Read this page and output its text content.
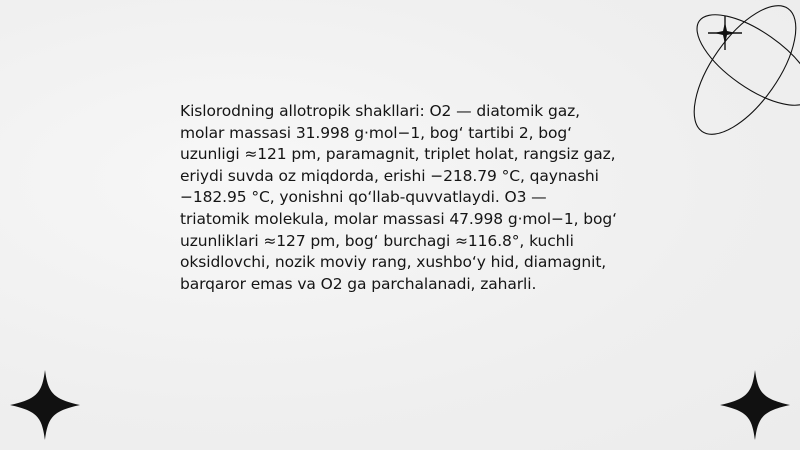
Kislorodning allotropik shakllari: O2 — diatomik gaz, molar massasi 31.998 g·mol−1, bog‘ tartibi 2, bog‘ uzunligi ≈121 pm, paramagnit, triplet holat, rangsiz gaz, eriydi suvda oz miqdorda, erishi −218.79 °C, qaynashi −182.95 °C, yonishni qo‘llab-quvvatlaydi. O3 — triatomik molekula, molar massasi 47.998 g·mol−1, bog‘ uzunliklari ≈127 pm, bog‘ burchagi ≈116.8°, kuchli oksidlovchi, nozik moviy rang, xushbo‘y hid, diamagnit, barqaror emas va O2 ga parchalanadi, zaharli.
